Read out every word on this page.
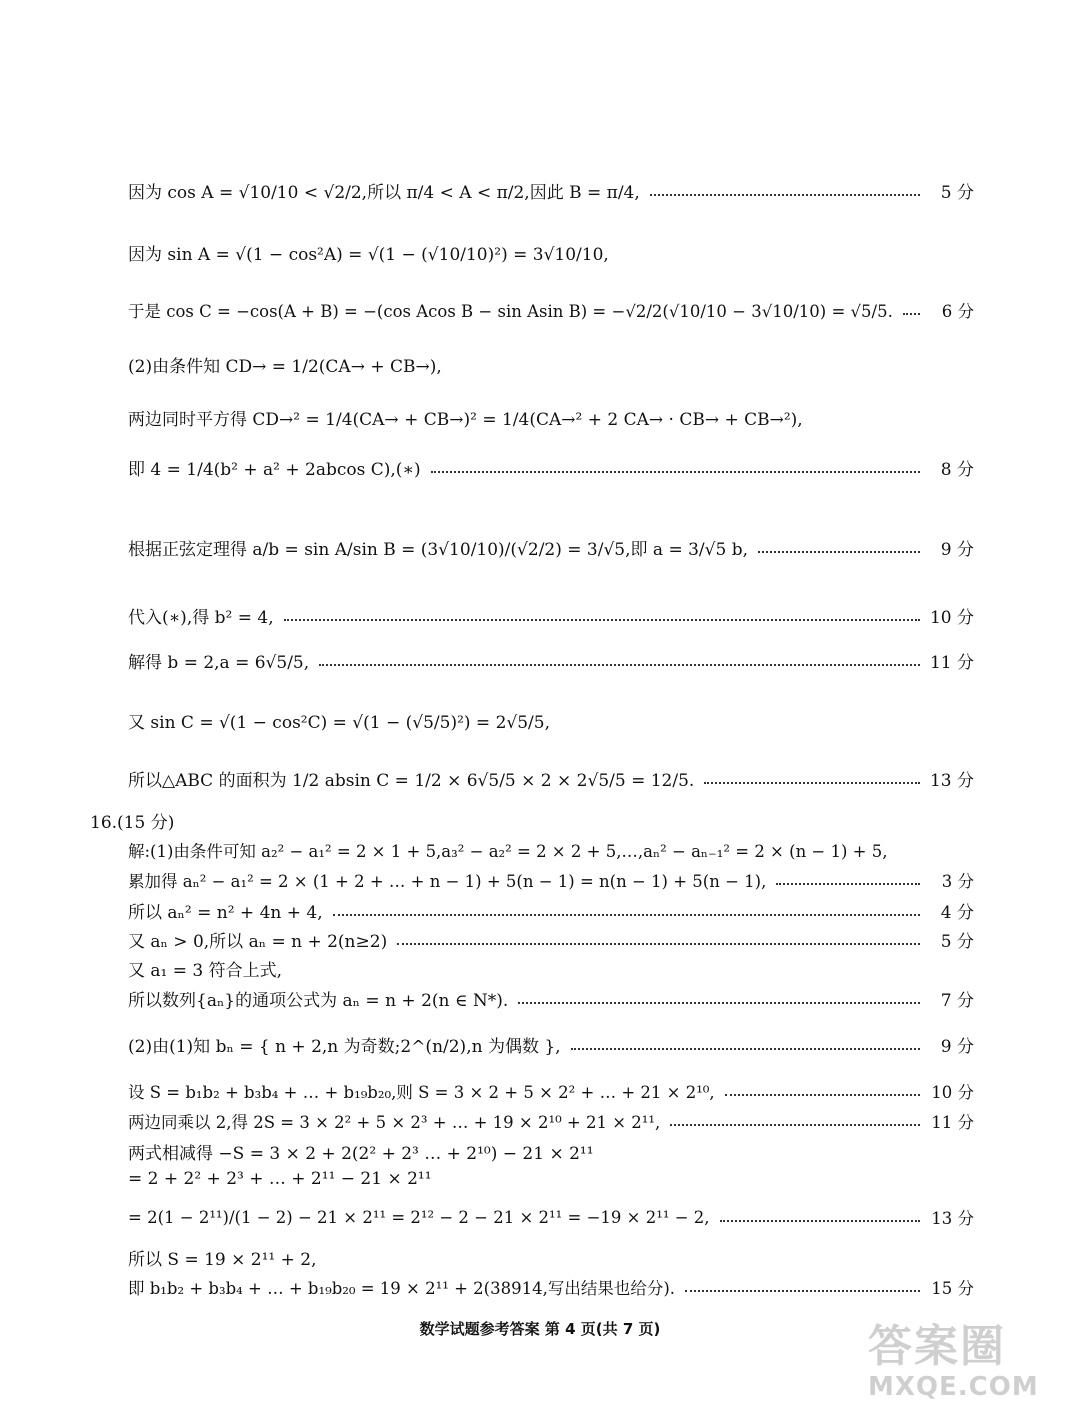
因为 cos A = √10/10 < √2/2,所以 π/4 < A < π/2,因此 B = π/4,	5 分
因为 sin A = √(1 − cos²A) = √(1 − (√10/10)²) = 3√10/10,
于是 cos C = −cos(A + B) = −(cos Acos B − sin Asin B) = −√2/2(√10/10 − 3√10/10) = √5/5.	6 分
(2)由条件知 CD→ = 1/2(CA→ + CB→),
两边同时平方得 CD→² = 1/4(CA→ + CB→)² = 1/4(CA→² + 2 CA→ · CB→ + CB→²),
即 4 = 1/4(b² + a² + 2abcos C),(∗)	8 分
根据正弦定理得 a/b = sin A/sin B = (3√10/10)/(√2/2) = 3/√5,即 a = 3/√5 b,	9 分
代入(∗),得 b² = 4,	10 分
解得 b = 2,a = 6√5/5,	11 分
又 sin C = √(1 − cos²C) = √(1 − (√5/5)²) = 2√5/5,
所以△ABC 的面积为 1/2 absin C = 1/2 × 6√5/5 × 2 × 2√5/5 = 12/5.	13 分
16.(15 分)
解:(1)由条件可知 a₂² − a₁² = 2 × 1 + 5,a₃² − a₂² = 2 × 2 + 5,…,aₙ² − aₙ₋₁² = 2 × (n − 1) + 5,
累加得 aₙ² − a₁² = 2 × (1 + 2 + … + n − 1) + 5(n − 1) = n(n − 1) + 5(n − 1),	3 分
所以 aₙ² = n² + 4n + 4,	4 分
又 aₙ > 0,所以 aₙ = n + 2(n≥2)	5 分
又 a₁ = 3 符合上式,
所以数列{aₙ}的通项公式为 aₙ = n + 2(n ∈ N*).	7 分
(2)由(1)知 bₙ = { n + 2,n 为奇数;2^(n/2),n 为偶数 },	9 分
设 S = b₁b₂ + b₃b₄ + … + b₁₉b₂₀,则 S = 3 × 2 + 5 × 2² + … + 21 × 2¹⁰,	10 分
两边同乘以 2,得 2S = 3 × 2² + 5 × 2³ + … + 19 × 2¹⁰ + 21 × 2¹¹,	11 分
两式相减得 −S = 3 × 2 + 2(2² + 2³ … + 2¹⁰) − 21 × 2¹¹
= 2 + 2² + 2³ + … + 2¹¹ − 21 × 2¹¹
= 2(1 − 2¹¹)/(1 − 2) − 21 × 2¹¹ = 2¹² − 2 − 21 × 2¹¹ = −19 × 2¹¹ − 2,	13 分
所以 S = 19 × 2¹¹ + 2,
即 b₁b₂ + b₃b₄ + … + b₁₉b₂₀ = 19 × 2¹¹ + 2(38914,写出结果也给分).	15 分
数学试题参考答案 第 4 页(共 7 页)	答案圈
MXQE.COM
